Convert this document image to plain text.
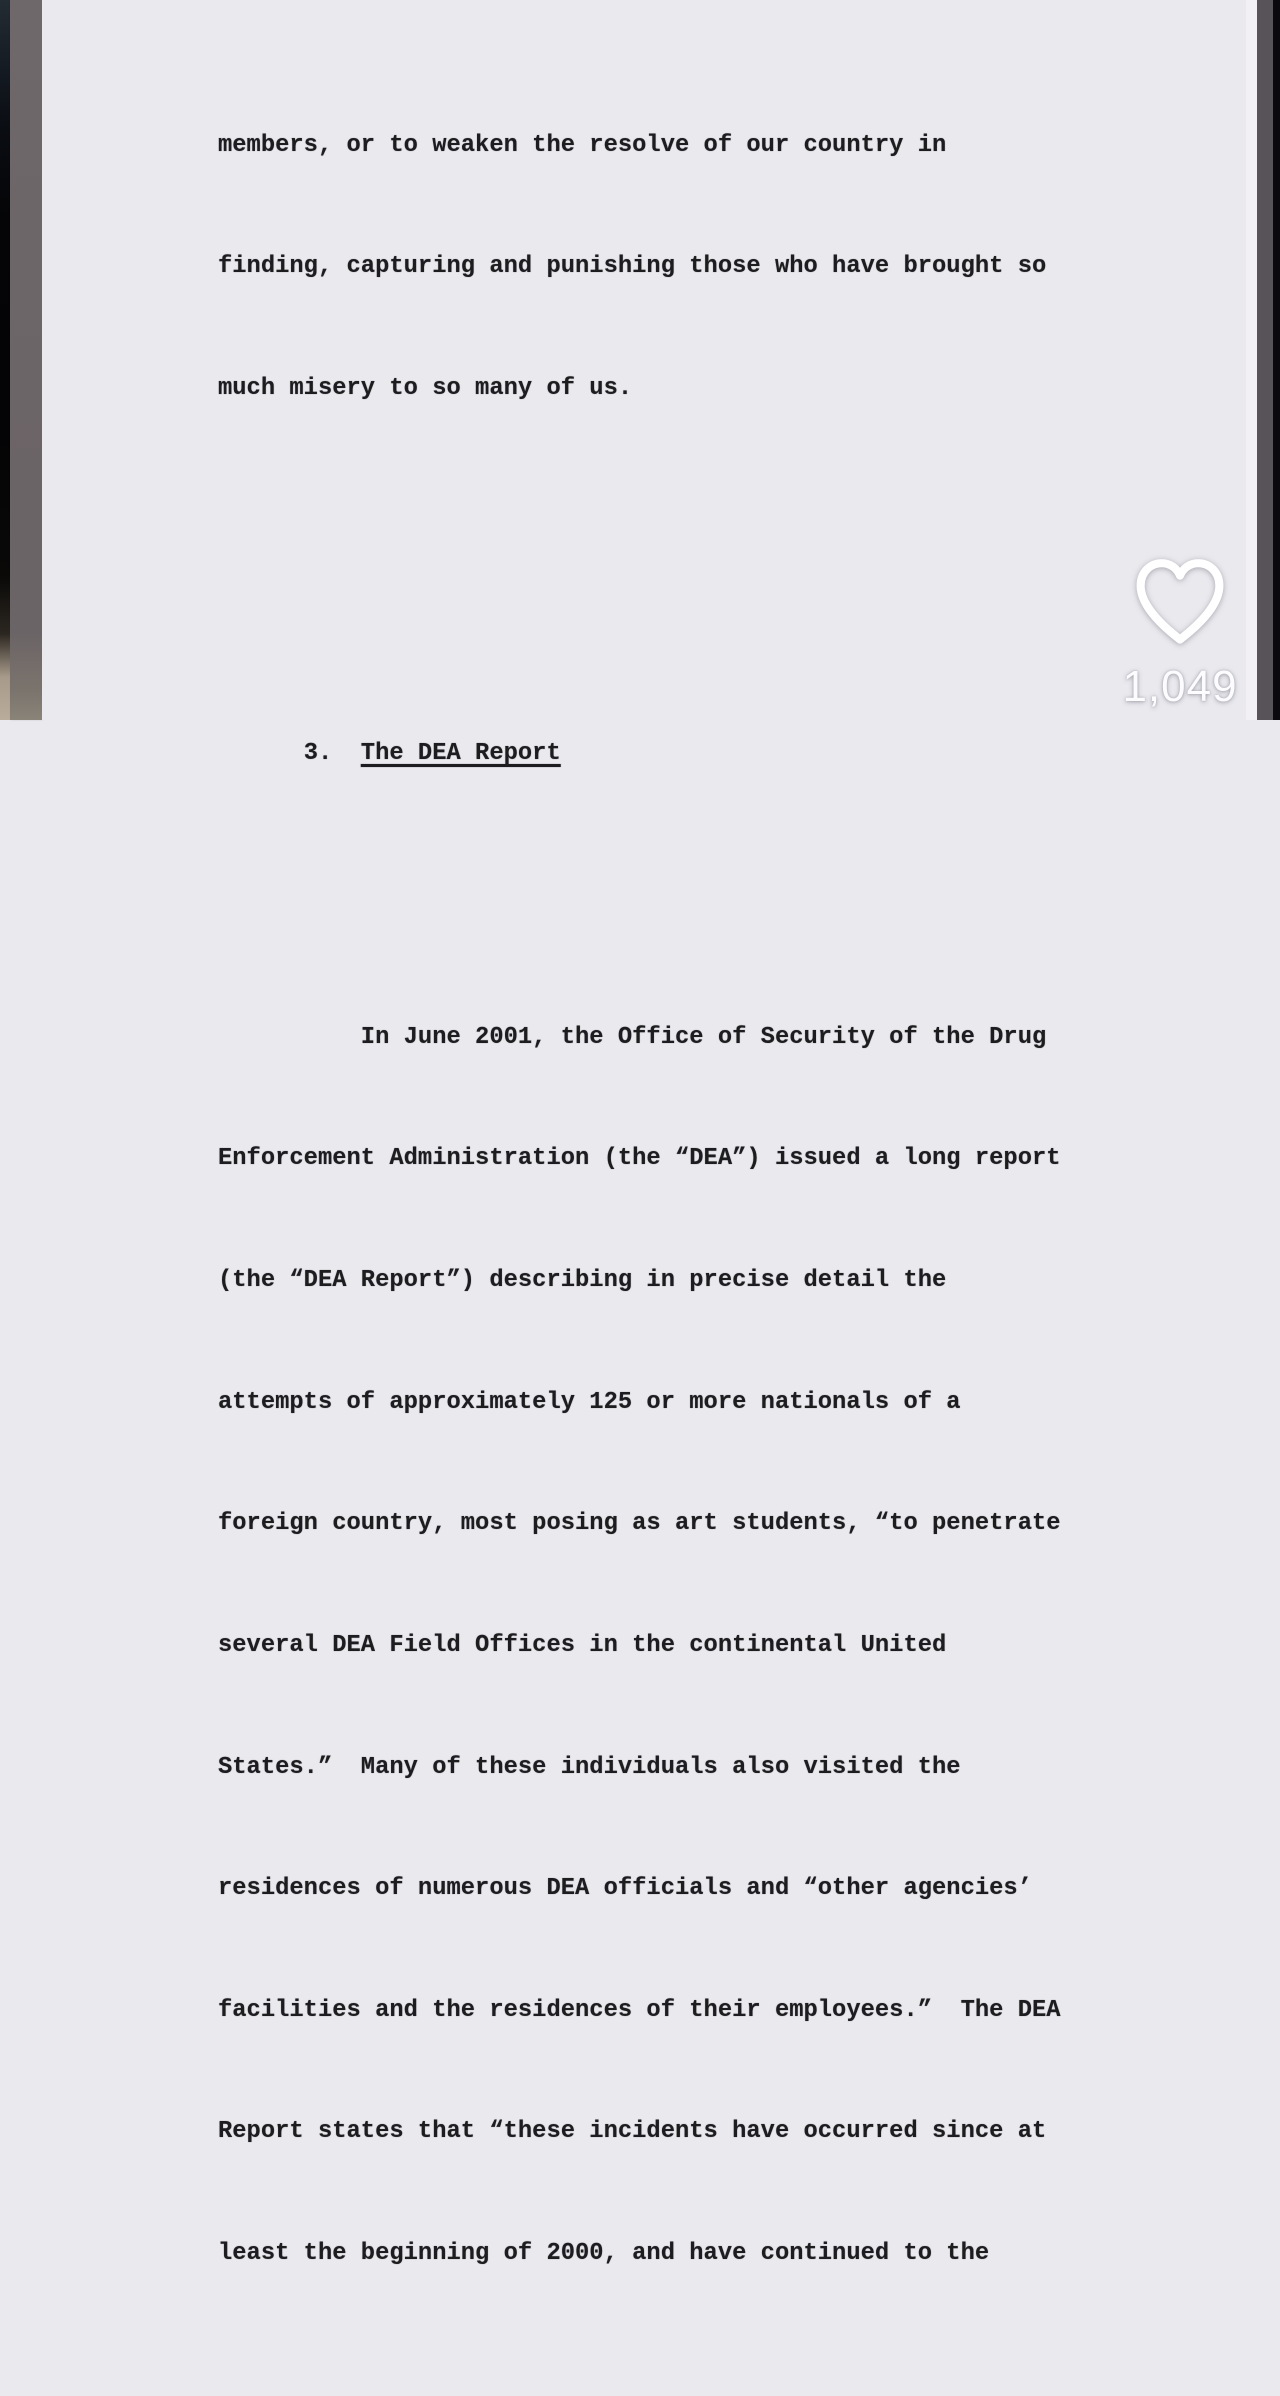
members, or to weaken the resolve of our country in

finding, capturing and punishing those who have brought so

much misery to so many of us.

3. The DEA Report

In June 2001, the Office of Security of the Drug

Enforcement Administration (the “DEA”) issued a long report

(the “DEA Report”) describing in precise detail the

attempts of approximately 125 or more nationals of a

foreign country, most posing as art students, “to penetrate

several DEA Field Offices in the continental United

States.”  Many of these individuals also visited the

residences of numerous DEA officials and “other agencies’

facilities and the residences of their employees.”  The DEA

Report states that “these incidents have occurred since at

least the beginning of 2000, and have continued to the

1,049
